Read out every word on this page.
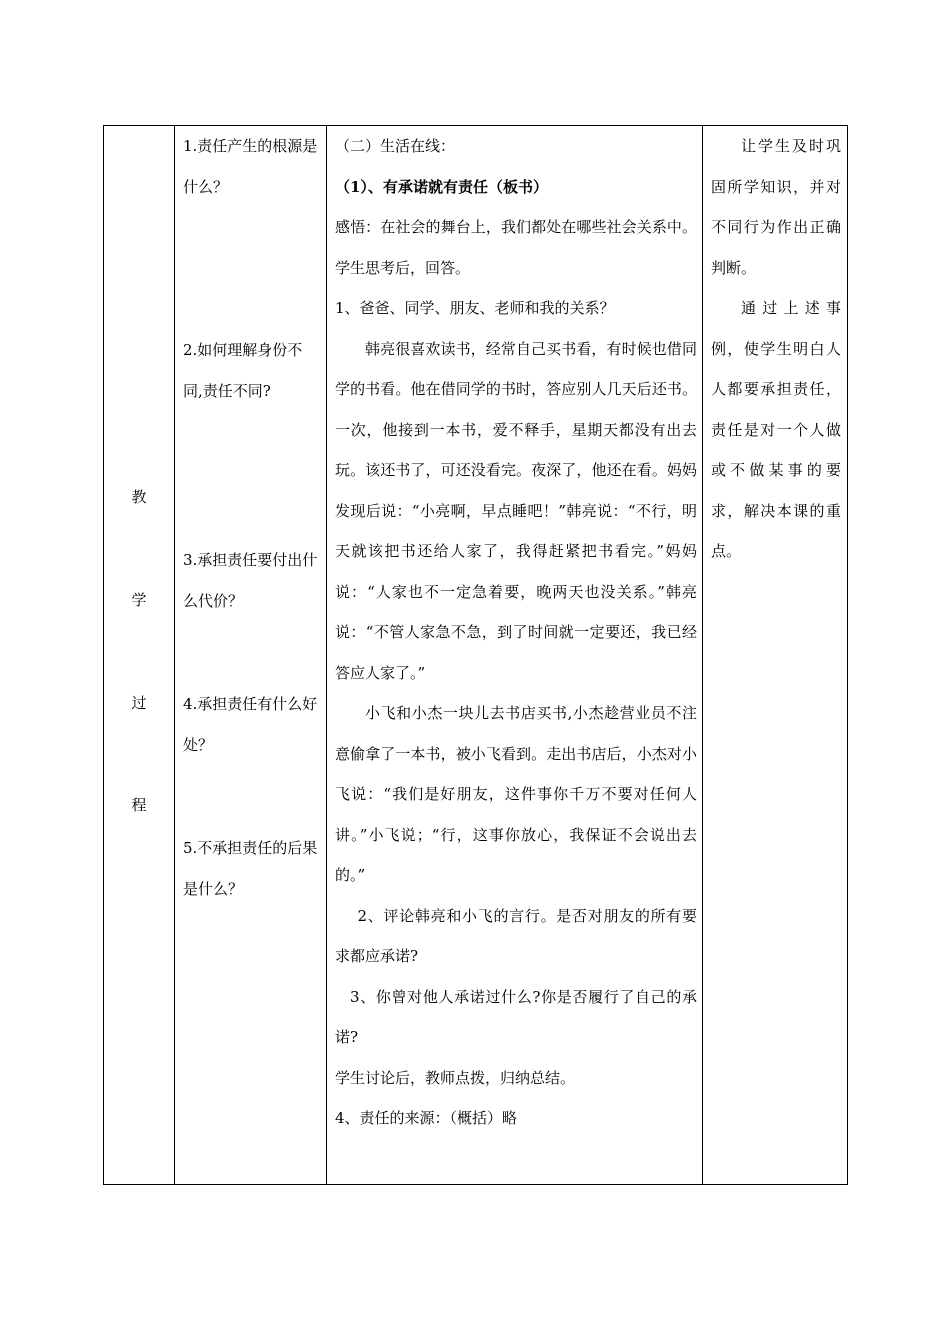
教
学
过
程
1.责任产生的根源是什么？
2.如何理解身份不同,责任不同?
3.承担责任要付出什么代价？
4.承担责任有什么好处？
5.不承担责任的后果是什么？

（二）生活在线：

（1）、有承诺就有责任（板书）

感悟：在社会的舞台上，我们都处在哪些社会关系中。学生思考后，回答。

1、爸爸、同学、朋友、老师和我的关系？

韩亮很喜欢读书，经常自己买书看，有时候也借同学的书看。他在借同学的书时，答应别人几天后还书。一次，他接到一本书，爱不释手，星期天都没有出去玩。该还书了，可还没看完。夜深了，他还在看。妈妈发现后说：“小亮啊，早点睡吧！”韩亮说：“不行，明天就该把书还给人家了，我得赶紧把书看完。”妈妈说：“人家也不一定急着要，晚两天也没关系。”韩亮说：“不管人家急不急，到了时间就一定要还，我已经答应人家了。”

小飞和小杰一块儿去书店买书,小杰趁营业员不注意偷拿了一本书，被小飞看到。走出书店后，小杰对小飞说：“我们是好朋友，这件事你千万不要对任何人讲。”小飞说；“行，这事你放心，我保证不会说出去的。”

2、评论韩亮和小飞的言行。是否对朋友的所有要求都应承诺?

3、你曾对他人承诺过什么?你是否履行了自己的承诺?

学生讨论后，教师点拨，归纳总结。

4、责任的来源：（概括）略

让学生及时巩固所学知识，并对不同行为作出正确判断。

通过上述事例，使学生明白人人都要承担责任，责任是对一个人做或不做某事的要求，解决本课的重点。
